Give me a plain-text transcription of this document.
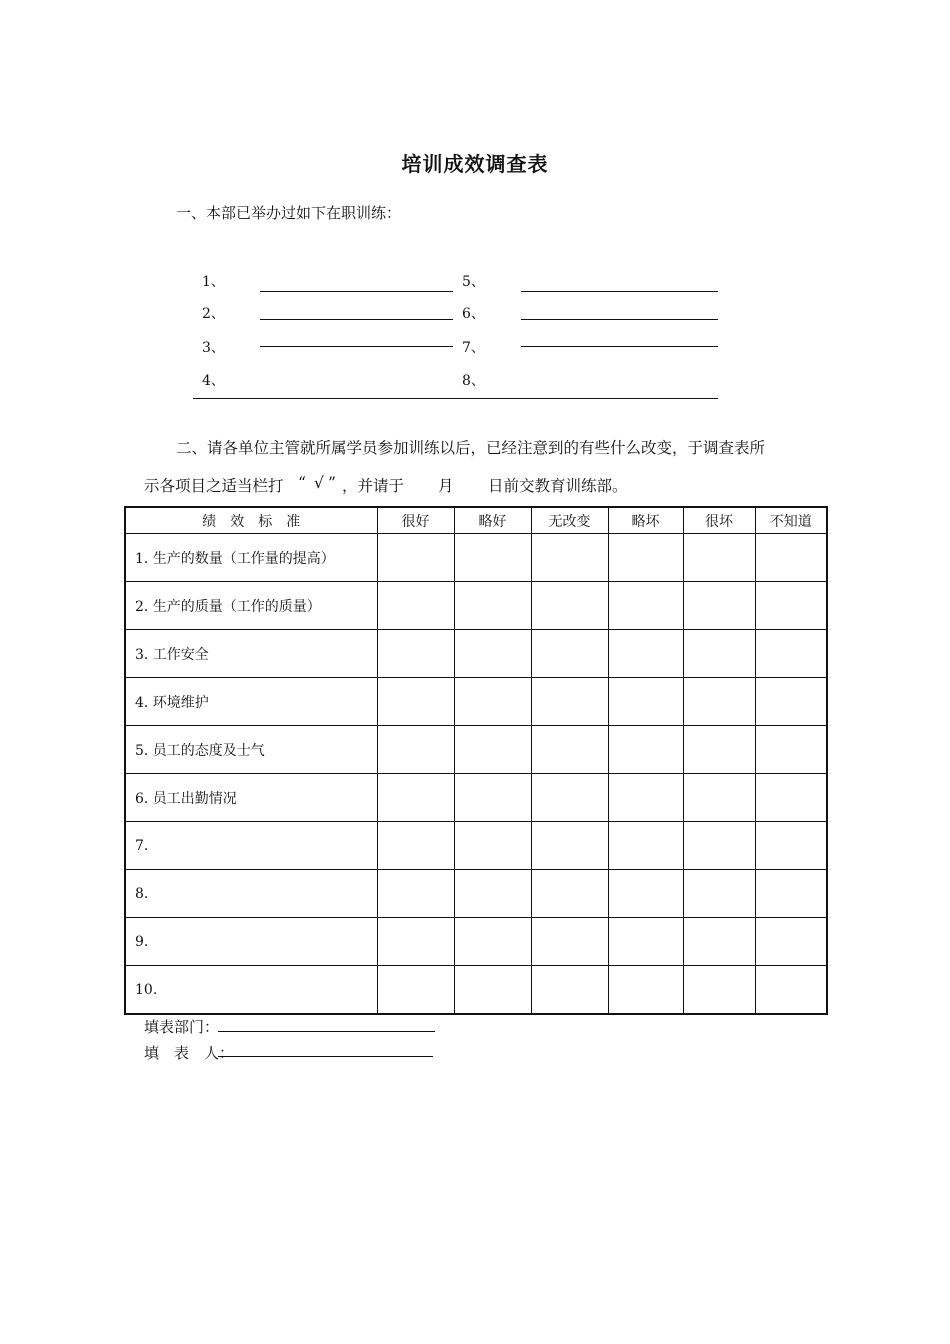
培训成效调查表
一、本部已举办过如下在职训练：
1、
2、
3、
4、
5、
6、
7、
8、
二、请各单位主管就所属学员参加训练以后，已经注意到的有些什么改变，于调查表所
示各项目之适当栏打 “ √ ” ，并请于 月 日前交教育训练部。
绩　效　标　准	很好	略好	无改变	略坏	很坏	不知道
1. 生产的数量（工作量的提高）						
2. 生产的质量（工作的质量）						
3. 工作安全						
4. 环境维护						
5. 员工的态度及士气						
6. 员工出勤情况						
7.						
8.						
9.						
10.						
填表部门：
填　表　人：
